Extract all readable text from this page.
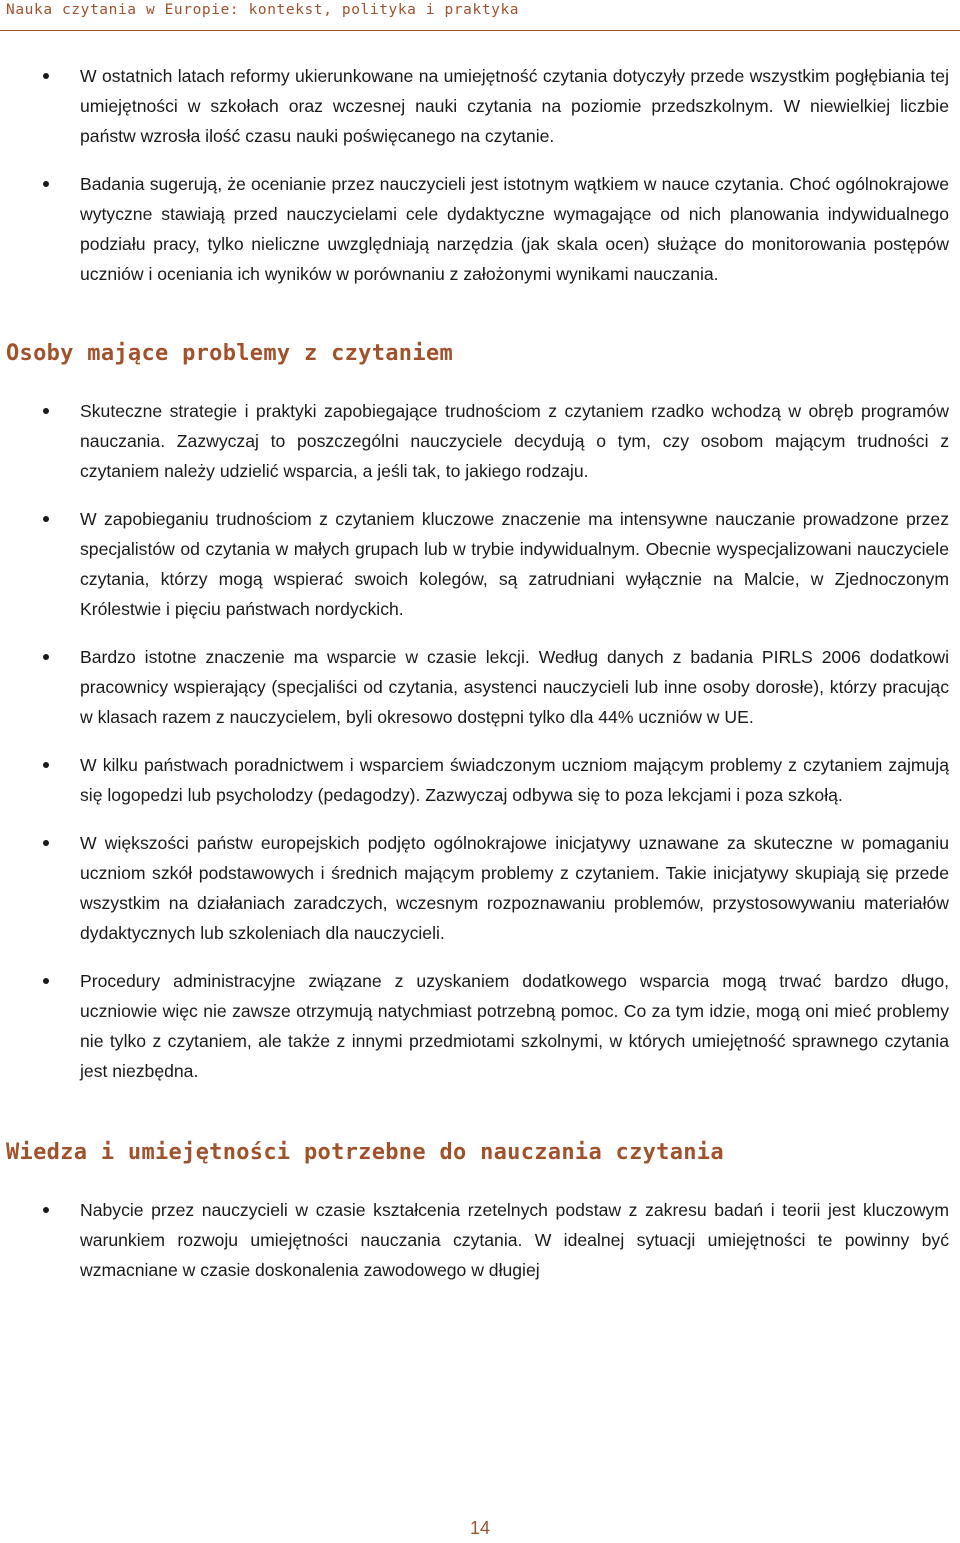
Nauka czytania w Europie: kontekst, polityka i praktyka
W ostatnich latach reformy ukierunkowane na umiejętność czytania dotyczyły przede wszystkim pogłębiania tej umiejętności w szkołach oraz wczesnej nauki czytania na poziomie przedszkolnym. W niewielkiej liczbie państw wzrosła ilość czasu nauki poświęcanego na czytanie.
Badania sugerują, że ocenianie przez nauczycieli jest istotnym wątkiem w nauce czytania. Choć ogólnokrajowe wytyczne stawiają przed nauczycielami cele dydaktyczne wymagające od nich planowania indywidualnego podziału pracy, tylko nieliczne uwzględniają narzędzia (jak skala ocen) służące do monitorowania postępów uczniów i oceniania ich wyników w porównaniu z założonymi wynikami nauczania.
Osoby mające problemy z czytaniem
Skuteczne strategie i praktyki zapobiegające trudnościom z czytaniem rzadko wchodzą w obręb programów nauczania. Zazwyczaj to poszczególni nauczyciele decydują o tym, czy osobom mającym trudności z czytaniem należy udzielić wsparcia, a jeśli tak, to jakiego rodzaju.
W zapobieganiu trudnościom z czytaniem kluczowe znaczenie ma intensywne nauczanie prowadzone przez specjalistów od czytania w małych grupach lub w trybie indywidualnym. Obecnie wyspecjalizowani nauczyciele czytania, którzy mogą wspierać swoich kolegów, są zatrudniani wyłącznie na Malcie, w Zjednoczonym Królestwie i pięciu państwach nordyckich.
Bardzo istotne znaczenie ma wsparcie w czasie lekcji. Według danych z badania PIRLS 2006 dodatkowi pracownicy wspierający (specjaliści od czytania, asystenci nauczycieli lub inne osoby dorosłe), którzy pracując w klasach razem z nauczycielem, byli okresowo dostępni tylko dla 44% uczniów w UE.
W kilku państwach poradnictwem i wsparciem świadczonym uczniom mającym problemy z czytaniem zajmują się logopedzi lub psycholodzy (pedagodzy). Zazwyczaj odbywa się to poza lekcjami i poza szkołą.
W większości państw europejskich podjęto ogólnokrajowe inicjatywy uznawane za skuteczne w pomaganiu uczniom szkół podstawowych i średnich mającym problemy z czytaniem. Takie inicjatywy skupiają się przede wszystkim na działaniach zaradczych, wczesnym rozpoznawaniu problemów, przystosowywaniu materiałów dydaktycznych lub szkoleniach dla nauczycieli.
Procedury administracyjne związane z uzyskaniem dodatkowego wsparcia mogą trwać bardzo długo, uczniowie więc nie zawsze otrzymują natychmiast potrzebną pomoc. Co za tym idzie, mogą oni mieć problemy nie tylko z czytaniem, ale także z innymi przedmiotami szkolnymi, w których umiejętność sprawnego czytania jest niezbędna.
Wiedza i umiejętności potrzebne do nauczania czytania
Nabycie przez nauczycieli w czasie kształcenia rzetelnych podstaw z zakresu badań i teorii jest kluczowym warunkiem rozwoju umiejętności nauczania czytania. W idealnej sytuacji umiejętności te powinny być wzmacniane w czasie doskonalenia zawodowego w długiej
14
